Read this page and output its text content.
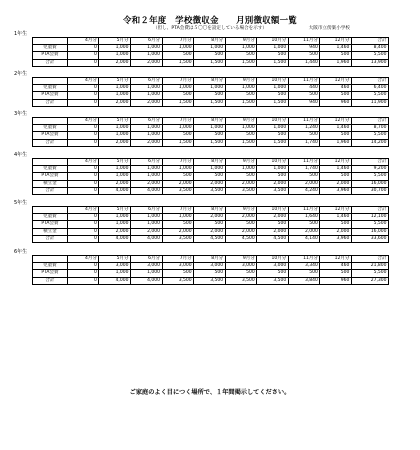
令和２年度　学校徴収金　　月別徴収額一覧
（但し、PTA会費は５〇〇を設定している場合を示す）	大阪市立傍楽小学校
1年生
	4月分	5月分	6月分	7月分	8月分	9月分	10月分	11月分	12月分	合計
児童費	0	1,000	1,000	1,000	1,000	1,000	1,000	940	1,460	8,400
PTA会費	0	1,000	1,000	500	500	500	500	500	500	5,500
合計	0	2,000	2,000	1,500	1,500	1,500	1,500	1,440	1,960	13,900
2年生
	4月分	5月分	6月分	7月分	8月分	9月分	10月分	11月分	12月分	合計
児童費	0	1,000	1,000	1,000	1,000	1,000	1,000	440	460	6,400
PTA会費	0	1,000	1,000	500	500	500	500	500	500	5,500
合計	0	2,000	2,000	1,500	1,500	1,500	1,500	940	960	11,900
3年生
	4月分	5月分	6月分	7月分	8月分	9月分	10月分	11月分	12月分	合計
児童費	0	1,000	1,000	1,000	1,000	1,000	1,000	1,240	1,460	8,700
PTA会費	0	1,000	1,000	500	500	500	500	500	500	5,500
合計	0	2,000	2,000	1,500	1,500	1,500	1,500	1,740	1,960	14,200
4年生
	4月分	5月分	6月分	7月分	8月分	9月分	10月分	11月分	12月分	合計
児童費	0	1,000	1,000	1,000	1,000	1,000	1,000	1,740	1,460	9,200
PTA会費	0	1,000	1,000	500	500	500	500	500	500	5,500
積立金	0	2,000	2,000	2,000	2,000	2,000	2,000	2,000	2,000	16,000
合計	0	4,000	4,000	3,500	3,500	3,500	3,500	4,240	3,960	30,700
5年生
	4月分	5月分	6月分	7月分	8月分	9月分	10月分	11月分	12月分	合計
児童費	0	1,000	1,000	1,000	2,000	2,000	2,000	1,640	1,460	12,100
PTA会費	0	1,000	1,000	500	500	500	500	500	500	5,500
積立金	0	2,000	2,000	2,000	2,000	2,000	2,000	2,000	2,000	16,000
合計	0	4,000	4,000	3,500	4,500	4,500	4,500	4,140	3,960	33,600
6年生
	4月分	5月分	6月分	7月分	8月分	9月分	10月分	11月分	12月分	合計
児童費	0	3,000	3,000	3,000	3,000	3,000	3,000	3,340	460	21,800
PTA会費	0	1,000	1,000	500	500	500	500	500	500	5,500
合計	0	4,000	4,000	3,500	3,500	3,500	3,500	3,840	960	27,300
ご家庭のよく目につく場所で、１年間掲示してください。
